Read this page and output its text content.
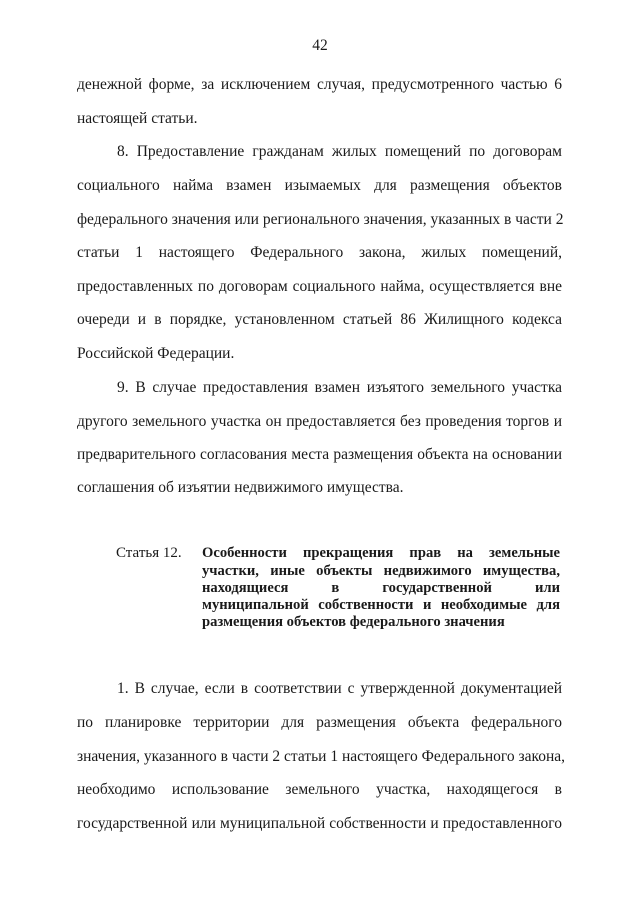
42
денежной форме, за исключением случая, предусмотренного частью 6
настоящей статьи.
8. Предоставление гражданам жилых помещений по договорам
социального найма взамен изымаемых для размещения объектов
федерального значения или регионального значения, указанных в части 2
статьи 1 настоящего Федерального закона, жилых помещений,
предоставленных по договорам социального найма, осуществляется вне
очереди и в порядке, установленном статьей 86 Жилищного кодекса
Российской Федерации.
9. В случае предоставления взамен изъятого земельного участка
другого земельного участка он предоставляется без проведения торгов и
предварительного согласования места размещения объекта на основании
соглашения об изъятии недвижимого имущества.
Статья 12. Особенности прекращения прав на земельные
участки, иные объекты недвижимого имущества,
находящиеся в государственной или
муниципальной собственности и необходимые для
размещения объектов федерального значения
1. В случае, если в соответствии с утвержденной документацией
по планировке территории для размещения объекта федерального
значения, указанного в части 2 статьи 1 настоящего Федерального закона,
необходимо использование земельного участка, находящегося в
государственной или муниципальной собственности и предоставленного
